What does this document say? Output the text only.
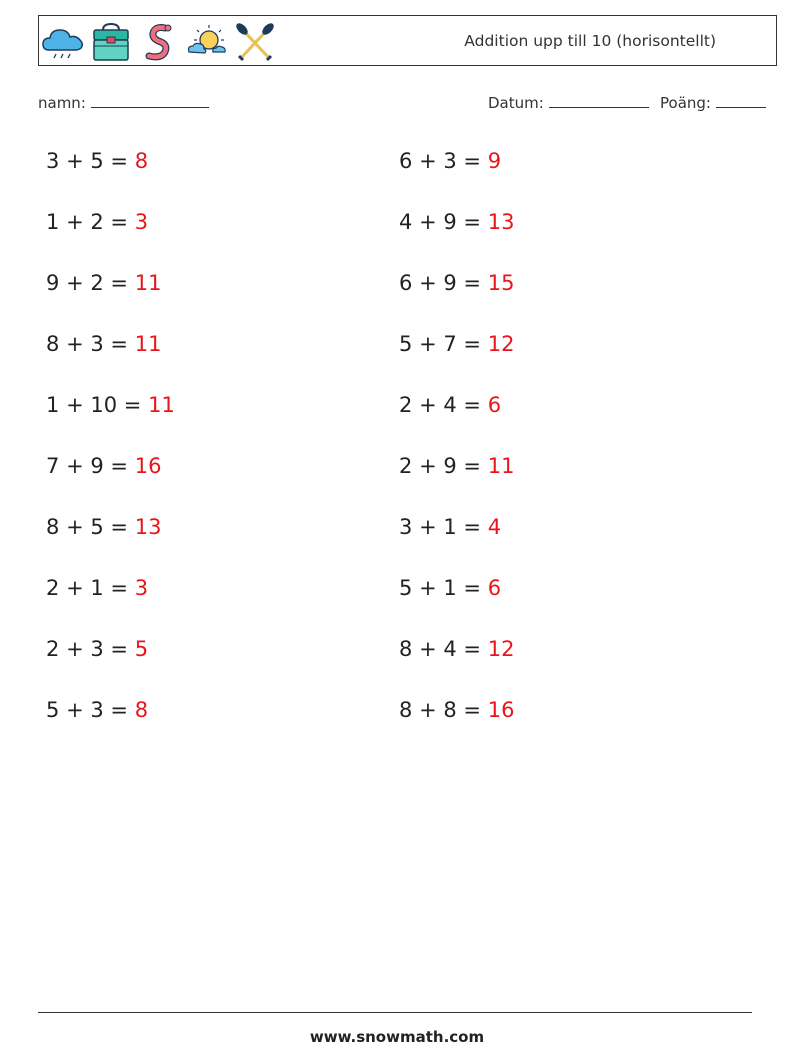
Addition upp till 10 (horisontellt)
namn:	Datum:	Poäng:
3 + 5 = 8	6 + 3 = 9
1 + 2 = 3	4 + 9 = 13
9 + 2 = 11	6 + 9 = 15
8 + 3 = 11	5 + 7 = 12
1 + 10 = 11	2 + 4 = 6
7 + 9 = 16	2 + 9 = 11
8 + 5 = 13	3 + 1 = 4
2 + 1 = 3	5 + 1 = 6
2 + 3 = 5	8 + 4 = 12
5 + 3 = 8	8 + 8 = 16
www.snowmath.com
